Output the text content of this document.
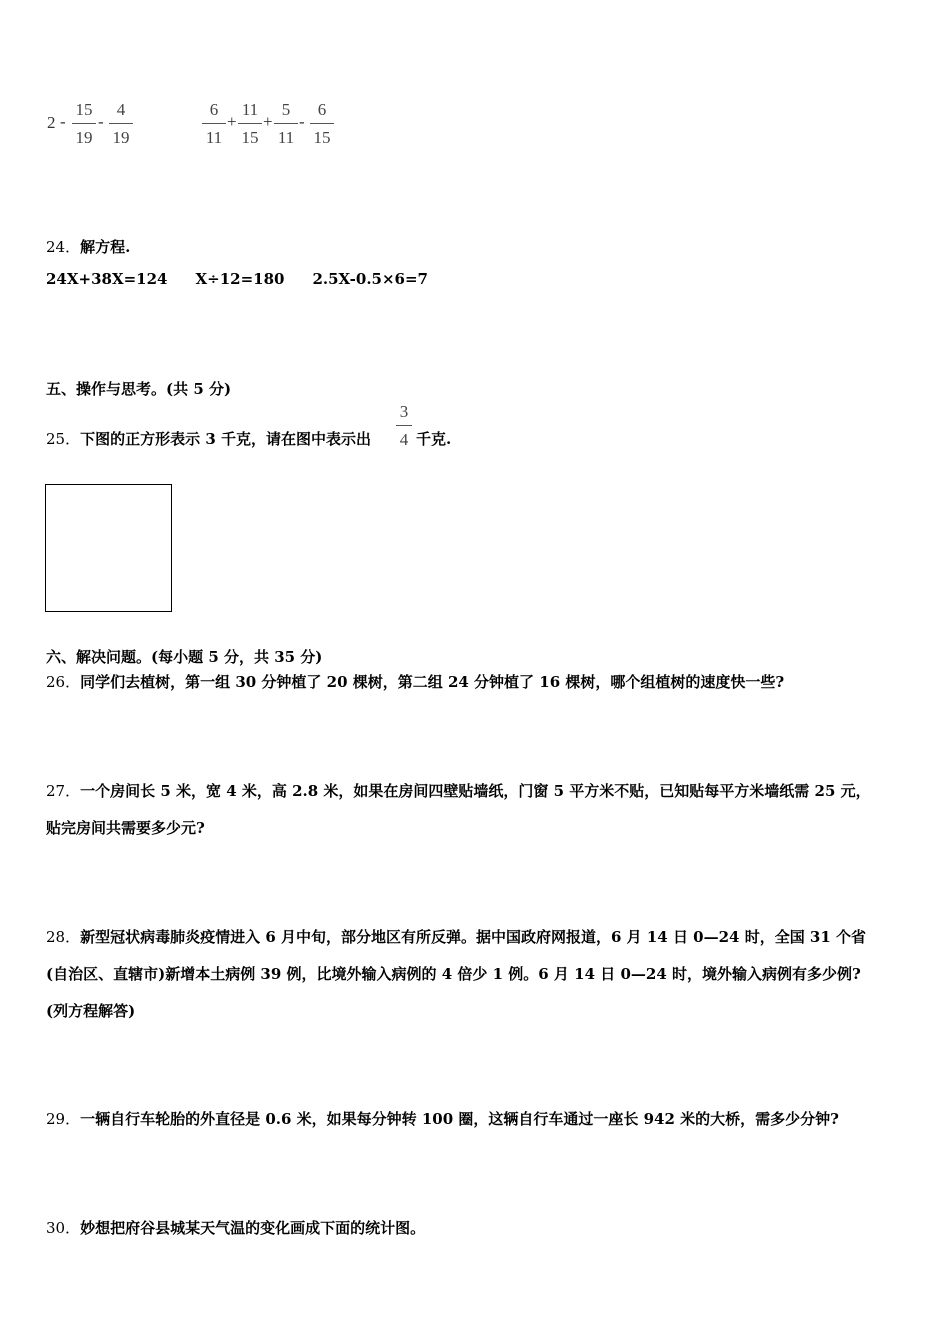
2 -
15
19
-
4
19
6
11
+
11
15
+
5
11
-
6
15
24．解方程.
24X+38X=124 X÷12=180 2.5X-0.5×6=7
五、操作与思考。(共 5 分)
25．下图的正方形表示 3 千克，请在图中表示出
3
4 千克.
六、解决问题。(每小题 5 分，共 35 分)
26．同学们去植树，第一组 30 分钟植了 20 棵树，第二组 24 分钟植了 16 棵树，哪个组植树的速度快一些?
27．一个房间长 5 米，宽 4 米，高 2.8 米，如果在房间四壁贴墙纸，门窗 5 平方米不贴，已知贴每平方米墙纸需 25 元，
贴完房间共需要多少元?
28．新型冠状病毒肺炎疫情进入 6 月中旬，部分地区有所反弹。据中国政府网报道，6 月 14 日 0—24 时，全国 31 个省
(自治区、直辖市)新增本土病例 39 例，比境外输入病例的 4 倍少 1 例。6 月 14 日 0—24 时，境外输入病例有多少例?
(列方程解答)
29．一辆自行车轮胎的外直径是 0.6 米，如果每分钟转 100 圈，这辆自行车通过一座长 942 米的大桥，需多少分钟?
30．妙想把府谷县城某天气温的变化画成下面的统计图。
